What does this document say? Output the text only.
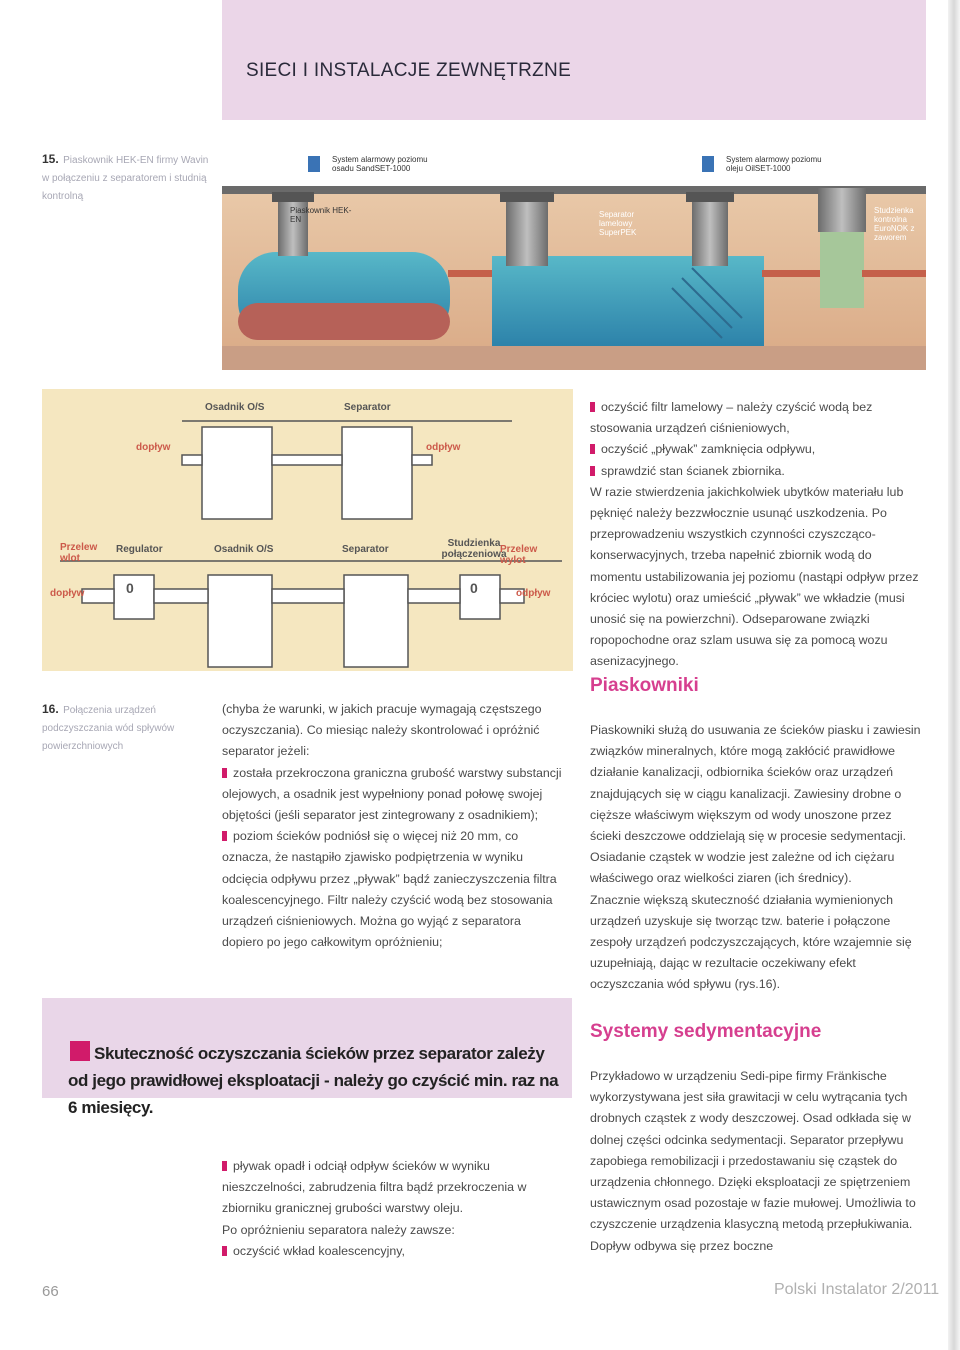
SIECI I INSTALACJE ZEWNĘTRZNE
15. Piaskownik HEK-EN firmy Wavin w połączeniu z separatorem i studnią kontrolną
System alarmowy poziomu osadu SandSET-1000
System alarmowy poziomu oleju OilSET-1000
Piaskownik HEK-EN
Separator lamelowy SuperPEK
Studzienka kontrolna EuroNOK z zaworem
Osadnik O/S	Separator
dopływ	odpływ
Przelew wlot
Regulator	Osadnik O/S	Separator
Studzienka połączeniowa
Przelew wylot
dopływ	odpływ
0	0
oczyścić filtr lamelowy – należy czyścić wodą bez stosowania urządzeń ciśnieniowych,
oczyścić „pływak” zamknięcia odpływu,
sprawdzić stan ścianek zbiornika.
W razie stwierdzenia jakichkolwiek ubytków materiału lub pęknięć należy bezzwłocznie usunąć uszkodzenia. Po przeprowadzeniu wszystkich czynności czyszcząco-konserwacyjnych, trzeba napełnić zbiornik wodą do momentu ustabilizowania jej poziomu (nastąpi odpływ przez króciec wylotu) oraz umieścić „pływak” we wkładzie (musi unosić się na powierzchni). Odseparowane związki ropopochodne oraz szlam usuwa się za pomocą wozu asenizacyjnego.
16. Połączenia urządzeń podczyszczania wód spływów powierzchniowych
(chyba że warunki, w jakich pracuje wymagają częstszego oczyszczania). Co miesiąc należy skontrolować i opróżnić separator jeżeli:
została przekroczona graniczna grubość warstwy substancji olejowych, a osadnik jest wypełniony ponad połowę swojej objętości (jeśli separator jest zintegrowany z osadnikiem);
poziom ścieków podniósł się o więcej niż 20 mm, co oznacza, że nastąpiło zjawisko podpiętrzenia w wyniku odcięcia odpływu przez „pływak” bądź zanieczyszczenia filtra koalescencyjnego. Filtr należy czyścić wodą bez stosowania urządzeń ciśnieniowych. Można go wyjąć z separatora dopiero po jego całkowitym opróżnieniu;
Skuteczność oczyszczania ścieków przez separator zależy od jego prawidłowej eksploatacji - należy go czyścić min. raz na 6 miesięcy.
pływak opadł i odciął odpływ ścieków w wyniku nieszczelności, zabrudzenia filtra bądź przekroczenia w zbiorniku granicznej grubości warstwy oleju.
Po opróżnieniu separatora należy zawsze:
oczyścić wkład koalescencyjny,
Piaskowniki
Piaskowniki służą do usuwania ze ścieków piasku i zawiesin związków mineralnych, które mogą zakłócić prawidłowe działanie kanalizacji, odbiornika ścieków oraz urządzeń znajdujących się w ciągu kanalizacji. Zawiesiny drobne o cięższe właściwym większym od wody unoszone przez ścieki deszczowe oddzielają się w procesie sedymentacji. Osiadanie cząstek w wodzie jest zależne od ich ciężaru właściwego oraz wielkości ziaren (ich średnicy).
Znacznie większą skuteczność działania wymienionych urządzeń uzyskuje się tworząc tzw. baterie i połączone zespoły urządzeń podczyszczających, które wzajemnie się uzupełniają, dając w rezultacie oczekiwany efekt oczyszczania wód spływu (rys.16).
Systemy sedymentacyjne
Przykładowo w urządzeniu Sedi-pipe firmy Fränkische wykorzystywana jest siła grawitacji w celu wytrącania tych drobnych cząstek z wody deszczowej. Osad odkłada się w dolnej części odcinka sedymentacji. Separator przepływu zapobiega remobilizacji i przedostawaniu się cząstek do urządzenia chłonnego. Dzięki eksploatacji ze spiętrzeniem ustawicznym osad pozostaje w fazie mułowej. Umożliwia to czyszczenie urządzenia klasyczną metodą przepłukiwania. Dopływ odbywa się przez boczne
66	Polski Instalator 2/2011
